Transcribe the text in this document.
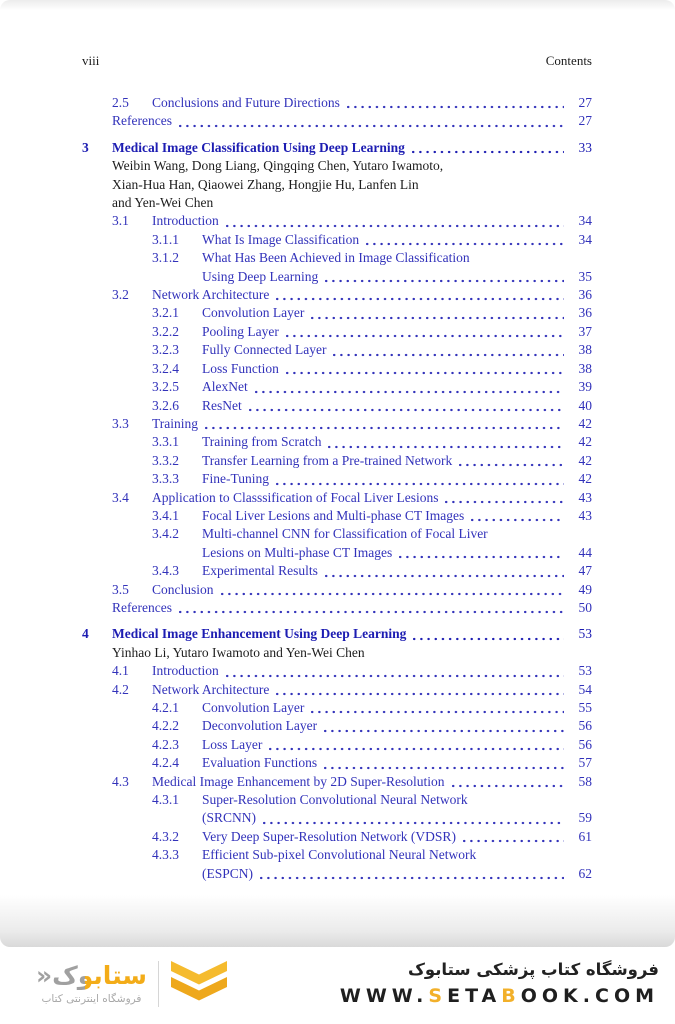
viii	Contents
2.5	Conclusions and Future Directions	27
References	27
3	Medical Image Classification Using Deep Learning	33
Weibin Wang, Dong Liang, Qingqing Chen, Yutaro Iwamoto,
Xian-Hua Han, Qiaowei Zhang, Hongjie Hu, Lanfen Lin
and Yen-Wei Chen
3.1	Introduction	34
3.1.1	What Is Image Classification	34
3.1.2	What Has Been Achieved in Image Classification
Using Deep Learning	35
3.2	Network Architecture	36
3.2.1	Convolution Layer	36
3.2.2	Pooling Layer	37
3.2.3	Fully Connected Layer	38
3.2.4	Loss Function	38
3.2.5	AlexNet	39
3.2.6	ResNet	40
3.3	Training	42
3.3.1	Training from Scratch	42
3.3.2	Transfer Learning from a Pre-trained Network	42
3.3.3	Fine-Tuning	42
3.4	Application to Classsification of Focal Liver Lesions	43
3.4.1	Focal Liver Lesions and Multi-phase CT Images	43
3.4.2	Multi-channel CNN for Classification of Focal Liver
Lesions on Multi-phase CT Images	44
3.4.3	Experimental Results	47
3.5	Conclusion	49
References	50
4	Medical Image Enhancement Using Deep Learning	53
Yinhao Li, Yutaro Iwamoto and Yen-Wei Chen
4.1	Introduction	53
4.2	Network Architecture	54
4.2.1	Convolution Layer	55
4.2.2	Deconvolution Layer	56
4.2.3	Loss Layer	56
4.2.4	Evaluation Functions	57
4.3	Medical Image Enhancement by 2D Super-Resolution	58
4.3.1	Super-Resolution Convolutional Neural Network
(SRCNN)	59
4.3.2	Very Deep Super-Resolution Network (VDSR)	61
4.3.3	Efficient Sub-pixel Convolutional Neural Network
(ESPCN)	62
ستابوک«
فروشگاه اینترنتی کتاب
فروشگاه کتاب پزشکی ستابوک
WWW.SETABOOK.COM
